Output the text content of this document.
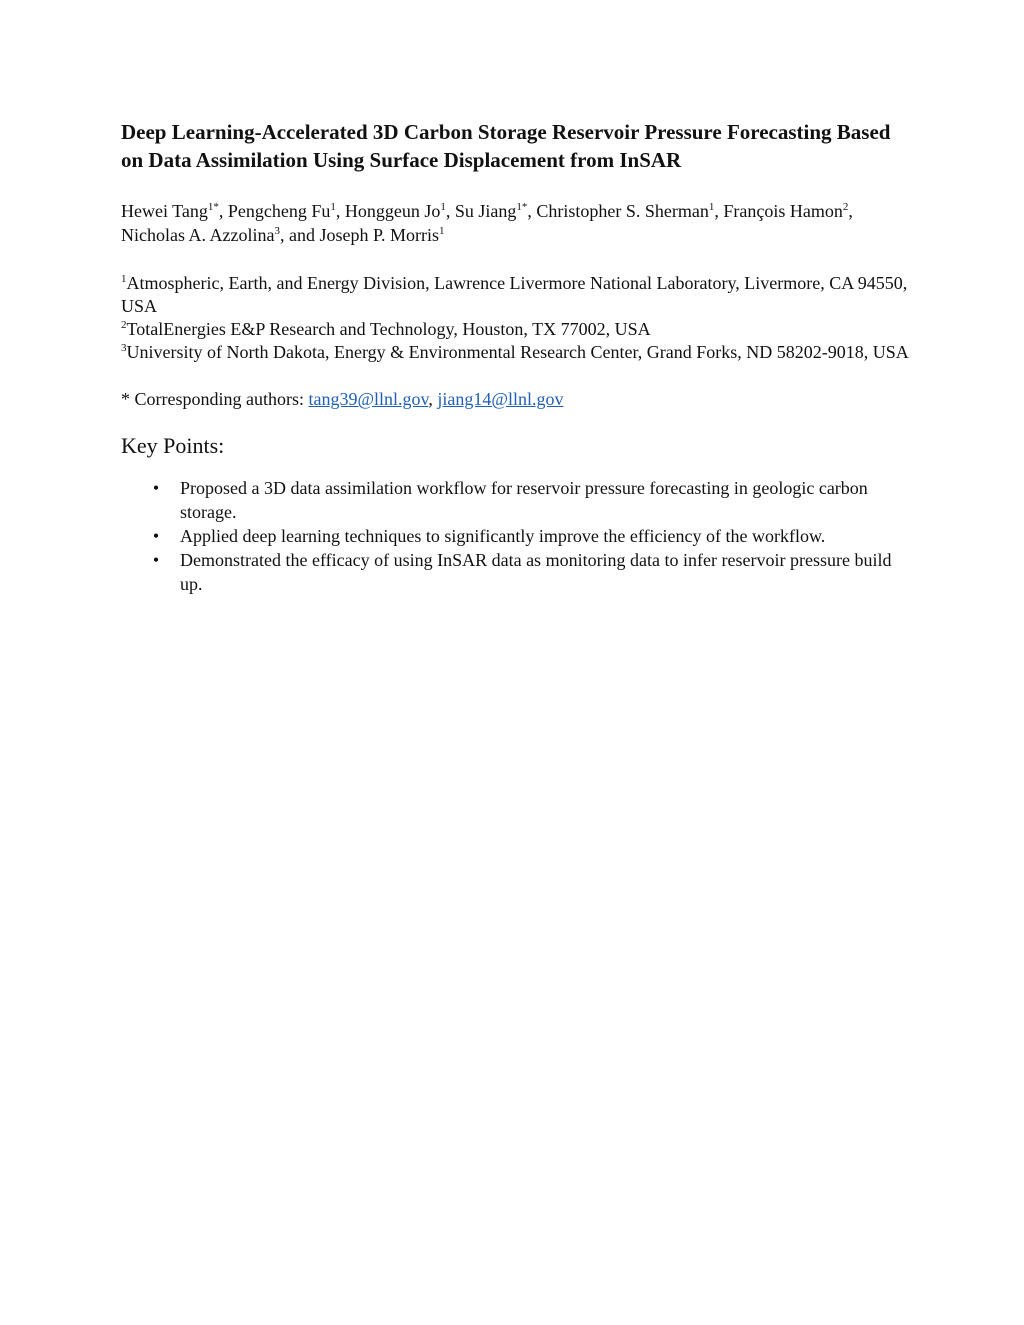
Deep Learning-Accelerated 3D Carbon Storage Reservoir Pressure Forecasting Based on Data Assimilation Using Surface Displacement from InSAR

Hewei Tang$^{1*}$, Pengcheng Fu$^1$, Honggeun Jo$^1$, Su Jiang$^{1*}$, Christopher S. Sherman$^1$, François Hamon$^2$, Nicholas A. Azzolina$^3$, and Joseph P. Morris$^1$

$^1$Atmospheric, Earth, and Energy Division, Lawrence Livermore National Laboratory, Livermore, CA 94550, USA
$^2$TotalEnergies E&P Research and Technology, Houston, TX 77002, USA
$^3$University of North Dakota, Energy & Environmental Research Center, Grand Forks, ND 58202-9018, USA

* Corresponding authors: tang39@llnl.gov, jiang14@llnl.gov

Key Points:
• Proposed a 3D data assimilation workflow for reservoir pressure forecasting in geologic carbon storage.
• Applied deep learning techniques to significantly improve the efficiency of the workflow.
• Demonstrated the efficacy of using InSAR data as monitoring data to infer reservoir pressure build up.
